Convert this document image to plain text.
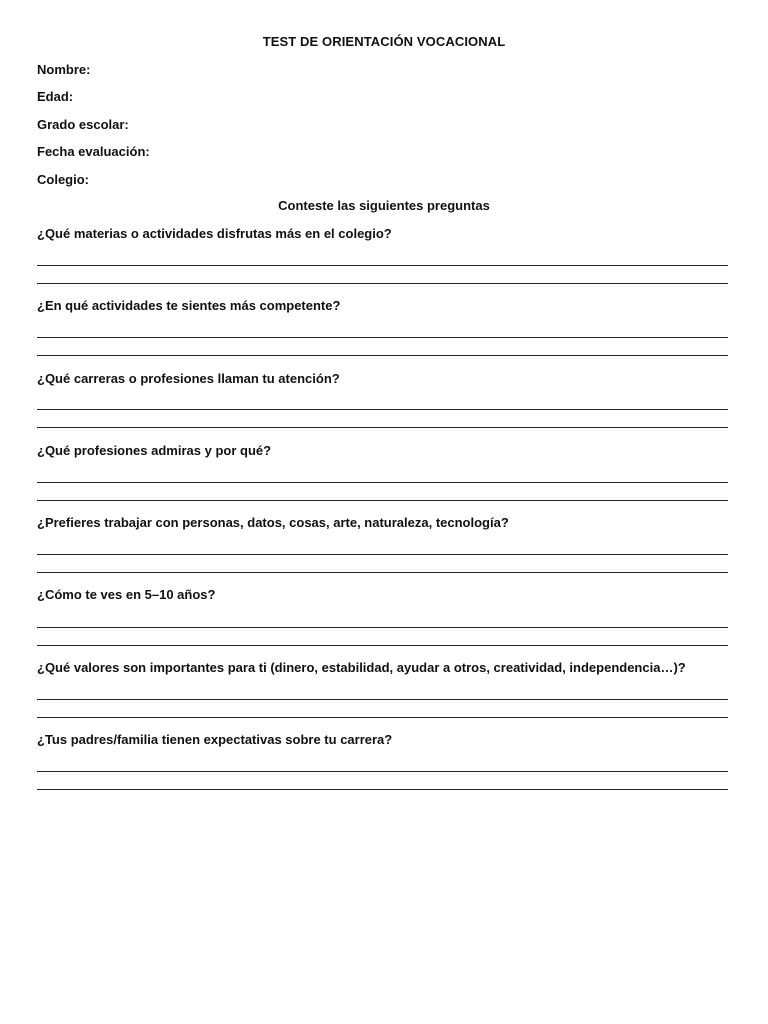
TEST DE ORIENTACIÓN VOCACIONAL
Nombre:
Edad:
Grado escolar:
Fecha evaluación:
Colegio:
Conteste las siguientes preguntas
¿Qué materias o actividades disfrutas más en el colegio?
¿En qué actividades te sientes más competente?
¿Qué carreras o profesiones llaman tu atención?
¿Qué profesiones admiras y por qué?
¿Prefieres trabajar con personas, datos, cosas, arte, naturaleza, tecnología?
¿Cómo te ves en 5–10 años?
¿Qué valores son importantes para ti (dinero, estabilidad, ayudar a otros, creatividad, independencia…)?
¿Tus padres/familia tienen expectativas sobre tu carrera?
